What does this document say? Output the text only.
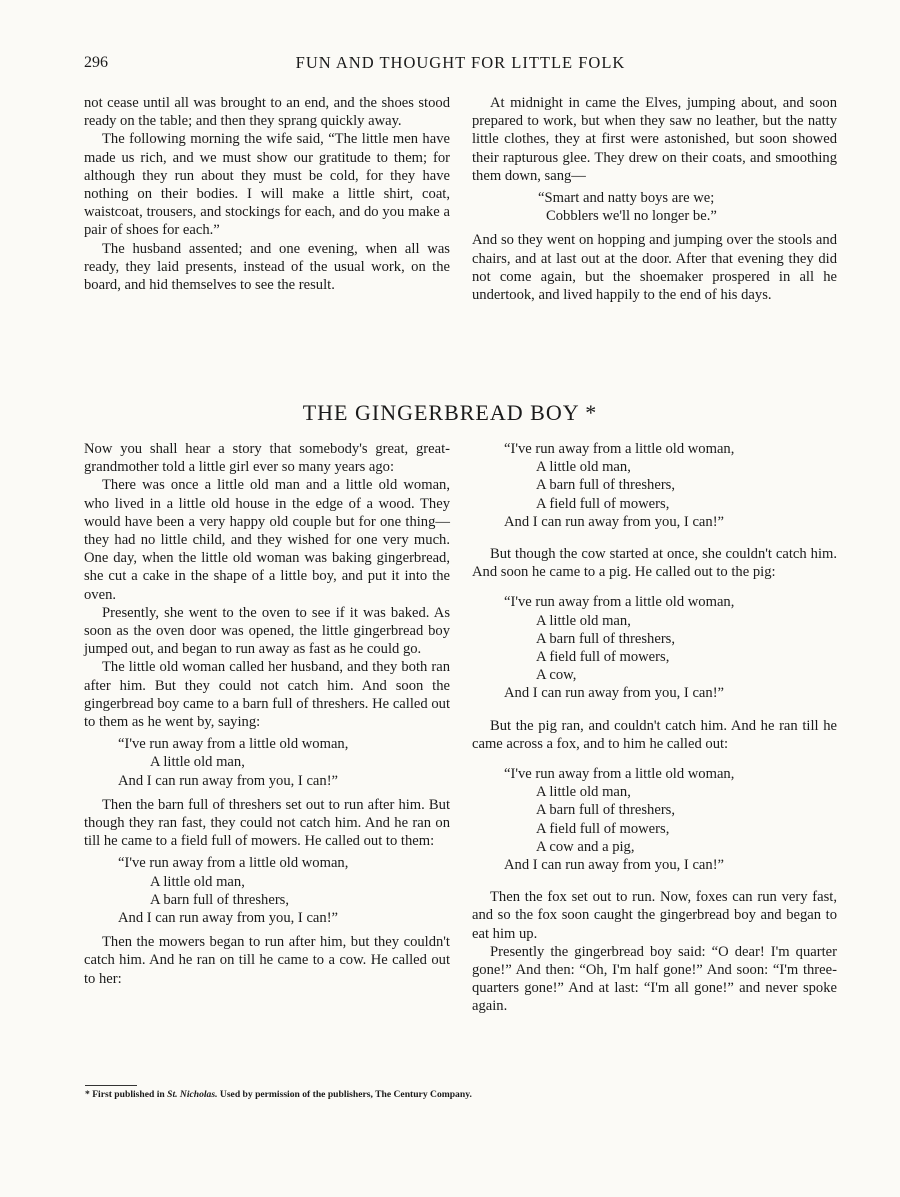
296	FUN AND THOUGHT FOR LITTLE FOLK

not cease until all was brought to an end, and the shoes stood ready on the table; and then they sprang quickly away.

The following morning the wife said, “The little men have made us rich, and we must show our gratitude to them; for although they run about they must be cold, for they have nothing on their bodies. I will make a little shirt, coat, waistcoat, trousers, and stockings for each, and do you make a pair of shoes for each.”

The husband assented; and one evening, when all was ready, they laid presents, instead of the usual work, on the board, and hid themselves to see the result.

At midnight in came the Elves, jumping about, and soon prepared to work, but when they saw no leather, but the natty little clothes, they at first were astonished, but soon showed their rapturous glee. They drew on their coats, and smoothing them down, sang—

“Smart and natty boys are we;
Cobblers we'll no longer be.”

And so they went on hopping and jumping over the stools and chairs, and at last out at the door. After that evening they did not come again, but the shoemaker prospered in all he undertook, and lived happily to the end of his days.

THE GINGERBREAD BOY *

Now you shall hear a story that somebody's great, great-grandmother told a little girl ever so many years ago:

There was once a little old man and a little old woman, who lived in a little old house in the edge of a wood. They would have been a very happy old couple but for one thing—they had no little child, and they wished for one very much. One day, when the little old woman was baking gingerbread, she cut a cake in the shape of a little boy, and put it into the oven.

Presently, she went to the oven to see if it was baked. As soon as the oven door was opened, the little gingerbread boy jumped out, and began to run away as fast as he could go.

The little old woman called her husband, and they both ran after him. But they could not catch him. And soon the gingerbread boy came to a barn full of threshers. He called out to them as he went by, saying:

“I've run away from a little old woman,
A little old man,
And I can run away from you, I can!”

Then the barn full of threshers set out to run after him. But though they ran fast, they could not catch him. And he ran on till he came to a field full of mowers. He called out to them:

“I've run away from a little old woman,
A little old man,
A barn full of threshers,
And I can run away from you, I can!”

Then the mowers began to run after him, but they couldn't catch him. And he ran on till he came to a cow. He called out to her:

“I've run away from a little old woman,
A little old man,
A barn full of threshers,
A field full of mowers,
And I can run away from you, I can!”

But though the cow started at once, she couldn't catch him. And soon he came to a pig. He called out to the pig:

“I've run away from a little old woman,
A little old man,
A barn full of threshers,
A field full of mowers,
A cow,
And I can run away from you, I can!”

But the pig ran, and couldn't catch him. And he ran till he came across a fox, and to him he called out:

“I've run away from a little old woman,
A little old man,
A barn full of threshers,
A field full of mowers,
A cow and a pig,
And I can run away from you, I can!”

Then the fox set out to run. Now, foxes can run very fast, and so the fox soon caught the gingerbread boy and began to eat him up.

Presently the gingerbread boy said: “O dear! I'm quarter gone!” And then: “Oh, I'm half gone!” And soon: “I'm three-quarters gone!” And at last: “I'm all gone!” and never spoke again.

* First published in St. Nicholas. Used by permission of the publishers, The Century Company.
